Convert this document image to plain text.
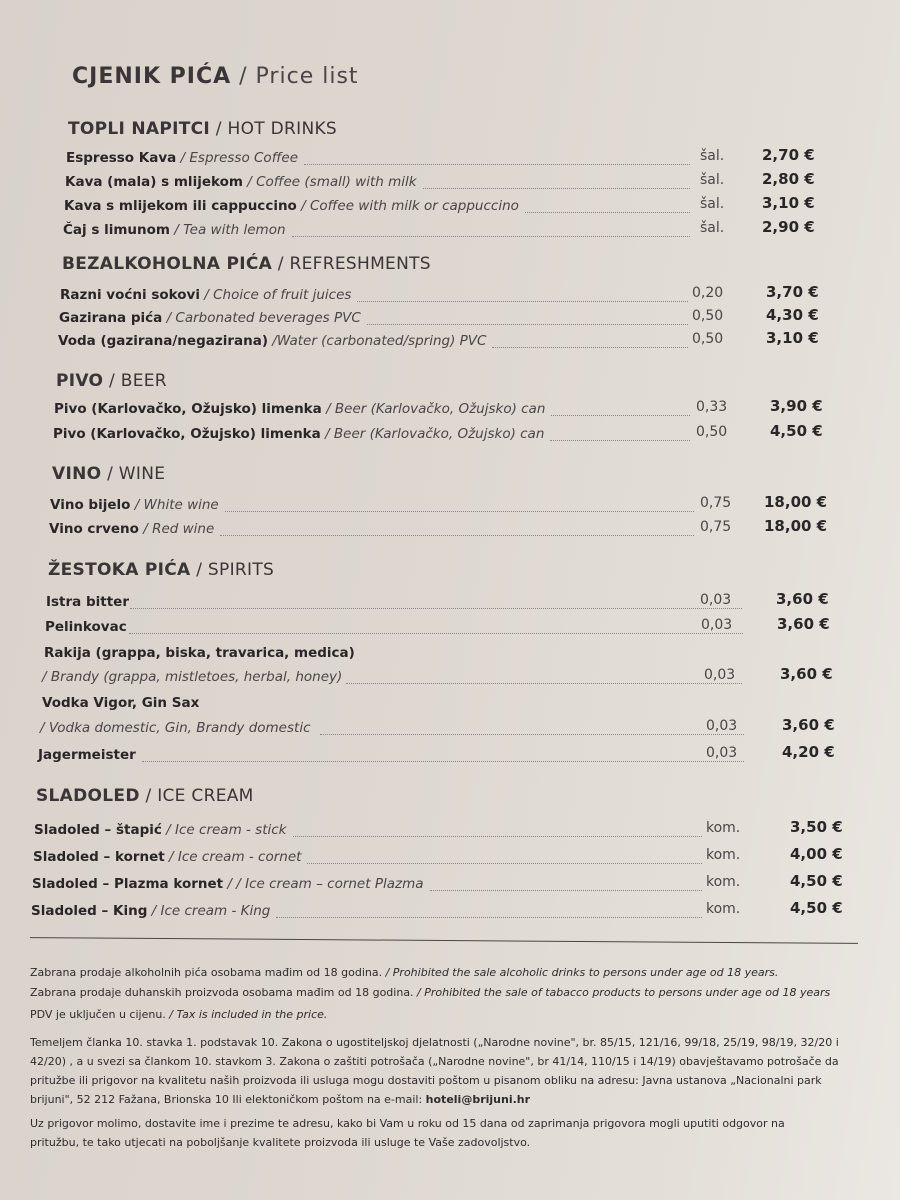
CJENIK PIĆA / Price list
TOPLI NAPITCI / HOT DRINKS
Espresso Kava / Espresso Coffee	šal.	2,70 €
Kava (mala) s mlijekom / Coffee (small) with milk	šal.	2,80 €
Kava s mlijekom ili cappuccino / Coffee with milk or cappuccino	šal.	3,10 €
Čaj s limunom / Tea with lemon	šal.	2,90 €
BEZALKOHOLNA PIĆA / REFRESHMENTS
Razni voćni sokovi / Choice of fruit juices	0,20	3,70 €
Gazirana pića / Carbonated beverages PVC	0,50	4,30 €
Voda (gazirana/negazirana) /Water (carbonated/spring) PVC	0,50	3,10 €
PIVO / BEER
Pivo (Karlovačko, Ožujsko) limenka / Beer (Karlovačko, Ožujsko) can	0,33	3,90 €
Pivo (Karlovačko, Ožujsko) limenka / Beer (Karlovačko, Ožujsko) can	0,50	4,50 €
VINO / WINE
Vino bijelo / White wine	0,75 18,00 €
Vino crveno / Red wine	0,75 18,00 €
ŽESTOKA PIĆA / SPIRITS
Istra bitter	0,03	3,60 €
Pelinkovac	0,03	3,60 €
Rakija (grappa, biska, travarica, medica)
/ Brandy (grappa, mistletoes, herbal, honey)	0,03	3,60 €
Vodka Vigor, Gin Sax
/ Vodka domestic, Gin, Brandy domestic	0,03	3,60 €
Jagermeister	0,03	4,20 €
SLADOLED / ICE CREAM
Sladoled – štapić / Ice cream - stick	kom.	3,50 €
Sladoled – kornet / Ice cream - cornet	kom.	4,00 €
Sladoled – Plazma kornet / / Ice cream – cornet Plazma	kom.	4,50 €
Sladoled – King / Ice cream - King	kom.	4,50 €
Zabrana prodaje alkoholnih pića osobama mađim od 18 godina. / Prohibited the sale alcoholic drinks to persons under age od 18 years.
Zabrana prodaje duhanskih proizvoda osobama mađim od 18 godina. / Prohibited the sale of tabacco products to persons under age od 18 years
PDV je uključen u cijenu. / Tax is included in the price.
Temeljem članka 10. stavka 1. podstavak 10. Zakona o ugostiteljskoj djelatnosti („Narodne novine", br. 85/15, 121/16, 99/18, 25/19, 98/19, 32/20 i
42/20) , a u svezi sa člankom 10. stavkom 3. Zakona o zaštiti potrošača („Narodne novine", br 41/14, 110/15 i 14/19) obavještavamo potrošače da
pritužbe ili prigovor na kvalitetu naših proizvoda ili usluga mogu dostaviti poštom u pisanom obliku na adresu: Javna ustanova „Nacionalni park
brijuni", 52 212 Fažana, Brionska 10 Ili elektoničkom poštom na e-mail: hoteli@brijuni.hr
Uz prigovor molimo, dostavite ime i prezime te adresu, kako bi Vam u roku od 15 dana od zaprimanja prigovora mogli uputiti odgovor na
pritužbu, te tako utjecati na poboljšanje kvalitete proizvoda ili usluge te Vaše zadovoljstvo.
